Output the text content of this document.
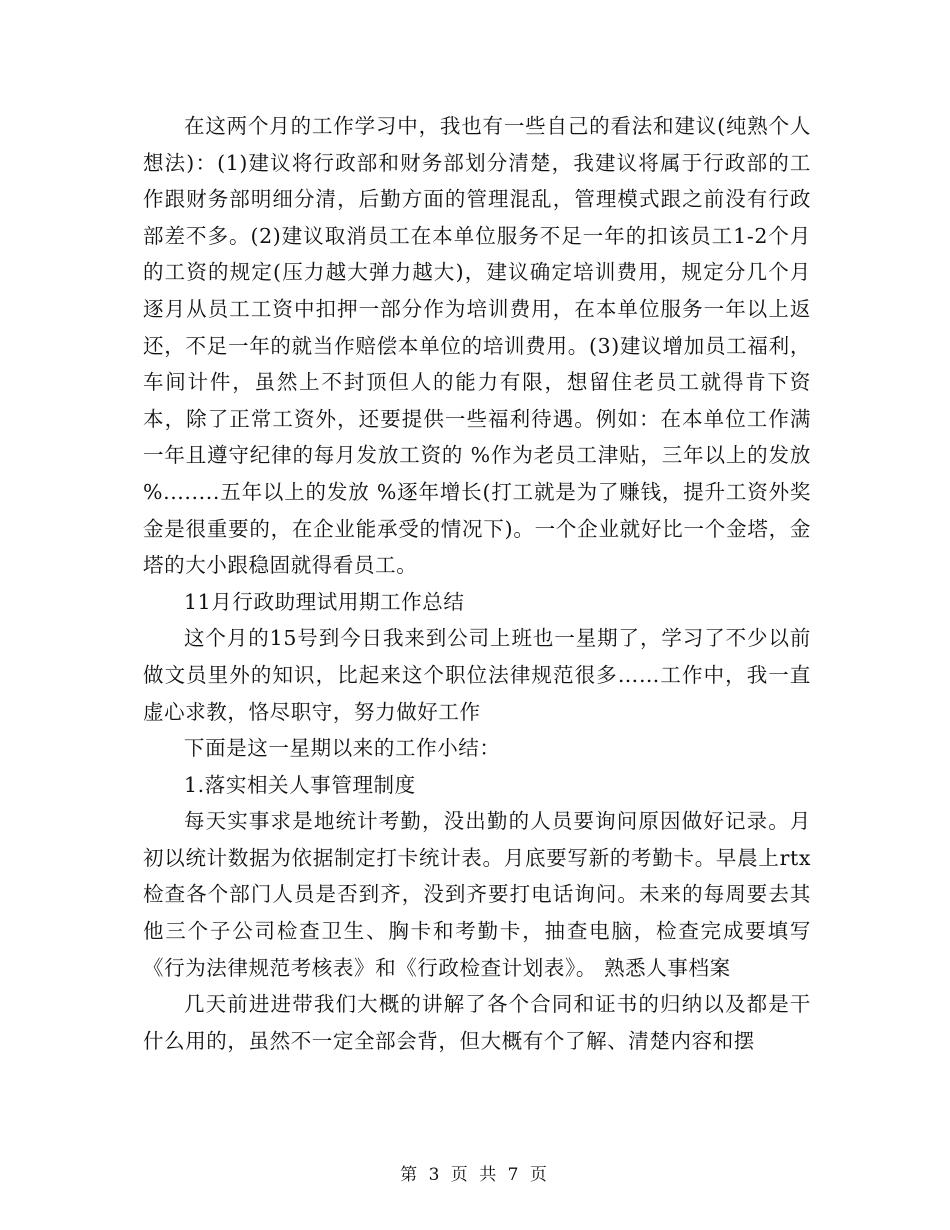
在这两个月的工作学习中，我也有一些自己的看法和建议(纯熟个人想法)：(1)建议将行政部和财务部划分清楚，我建议将属于行政部的工作跟财务部明细分清，后勤方面的管理混乱，管理模式跟之前没有行政部差不多。(2)建议取消员工在本单位服务不足一年的扣该员工1-2个月的工资的规定(压力越大弹力越大)，建议确定培训费用，规定分几个月逐月从员工工资中扣押一部分作为培训费用，在本单位服务一年以上返还，不足一年的就当作赔偿本单位的培训费用。(3)建议增加员工福利，车间计件，虽然上不封顶但人的能力有限，想留住老员工就得肯下资本，除了正常工资外，还要提供一些福利待遇。例如：在本单位工作满一年且遵守纪律的每月发放工资的 %作为老员工津贴，三年以上的发放 %........五年以上的发放 %逐年增长(打工就是为了赚钱，提升工资外奖金是很重要的，在企业能承受的情况下)。一个企业就好比一个金塔，金塔的大小跟稳固就得看员工。

11月行政助理试用期工作总结

这个月的15号到今日我来到公司上班也一星期了，学习了不少以前做文员里外的知识，比起来这个职位法律规范很多……工作中，我一直虚心求教，恪尽职守，努力做好工作

下面是这一星期以来的工作小结：

1.落实相关人事管理制度

每天实事求是地统计考勤，没出勤的人员要询问原因做好记录。月初以统计数据为依据制定打卡统计表。月底要写新的考勤卡。早晨上rtx检查各个部门人员是否到齐，没到齐要打电话询问。未来的每周要去其他三个子公司检查卫生、胸卡和考勤卡，抽查电脑，检查完成要填写《行为法律规范考核表》和《行政检查计划表》。 熟悉人事档案

几天前进进带我们大概的讲解了各个合同和证书的归纳以及都是干什么用的，虽然不一定全部会背，但大概有个了解、清楚内容和摆

第 3 页 共 7 页
